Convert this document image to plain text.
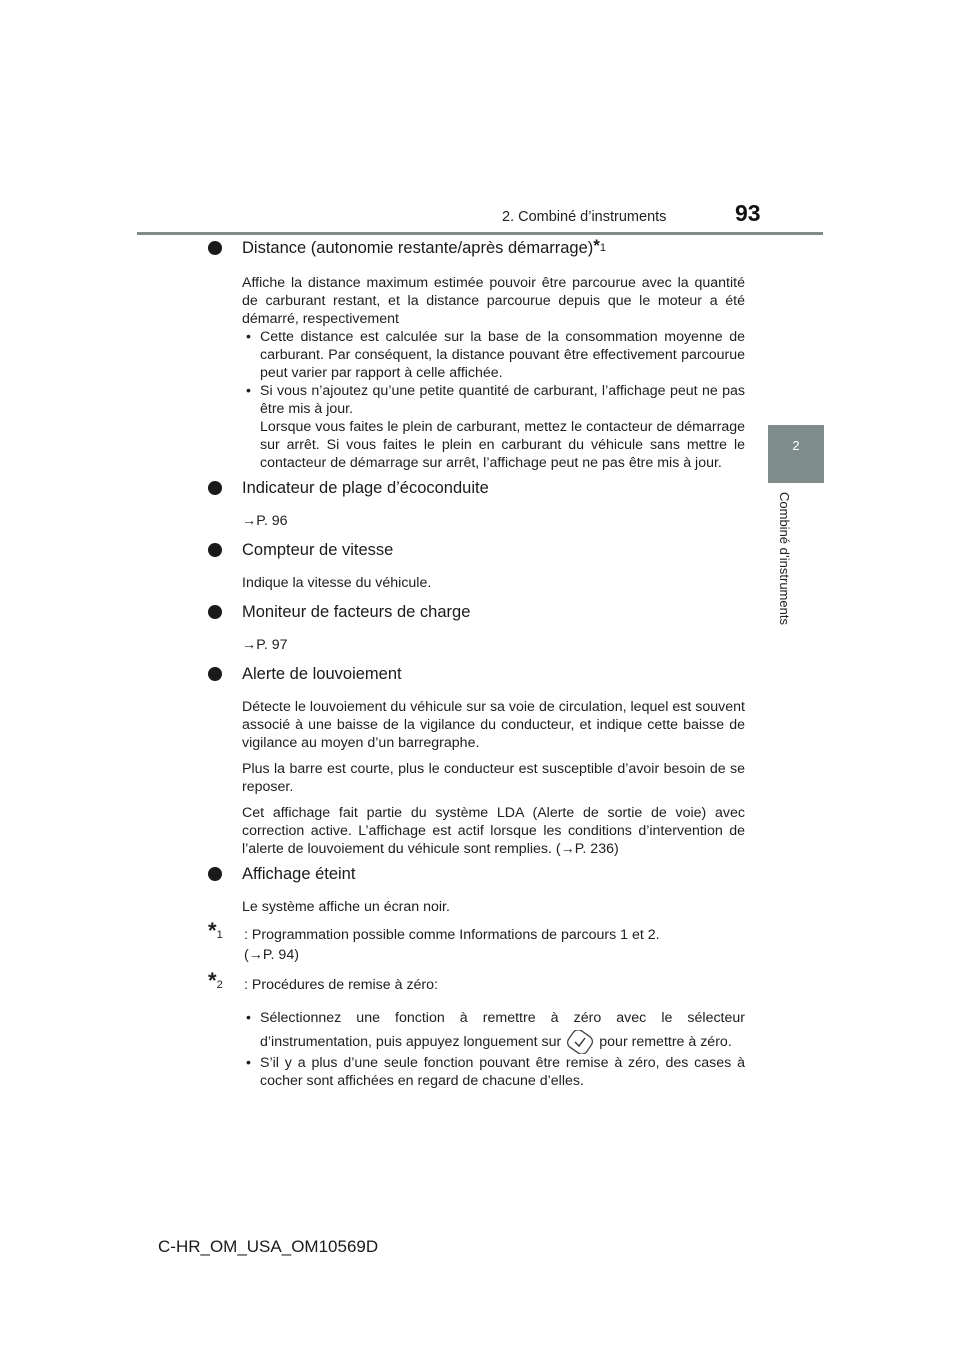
2. Combiné d’instruments	93
2
Combiné d’instruments
Distance (autonomie restante/après démarrage)$^{*1}$
Affiche la distance maximum estimée pouvoir être parcourue avec la quantité de carburant restant, et la distance parcourue depuis que le moteur a été démarré, respectivement
• Cette distance est calculée sur la base de la consommation moyenne de carburant. Par conséquent, la distance pouvant être effectivement parcourue peut varier par rapport à celle affichée.
• Si vous n’ajoutez qu’une petite quantité de carburant, l’affichage peut ne pas être mis à jour.
Lorsque vous faites le plein de carburant, mettez le contacteur de démarrage sur arrêt. Si vous faites le plein en carburant du véhicule sans mettre le contacteur de démarrage sur arrêt, l’affichage peut ne pas être mis à jour.
Indicateur de plage d’écoconduite
→P. 96
Compteur de vitesse
Indique la vitesse du véhicule.
Moniteur de facteurs de charge
→P. 97
Alerte de louvoiement
Détecte le louvoiement du véhicule sur sa voie de circulation, lequel est souvent associé à une baisse de la vigilance du conducteur, et indique cette baisse de vigilance au moyen d’un barregraphe.
Plus la barre est courte, plus le conducteur est susceptible d’avoir besoin de se reposer.
Cet affichage fait partie du système LDA (Alerte de sortie de voie) avec correction active. L’affichage est actif lorsque les conditions d’intervention de l’alerte de louvoiement du véhicule sont remplies. (→P. 236)
Affichage éteint
Le système affiche un écran noir.
*$^1$ : Programmation possible comme Informations de parcours 1 et 2.
(→P. 94)
*$^2$ : Procédures de remise à zéro:
• Sélectionnez une fonction à remettre à zéro avec le sélecteur d’instrumentation, puis appuyez longuement sur	pour remettre à zéro.
• S’il y a plus d’une seule fonction pouvant être remise à zéro, des cases à cocher sont affichées en regard de chacune d’elles.
C-HR_OM_USA_OM10569D
